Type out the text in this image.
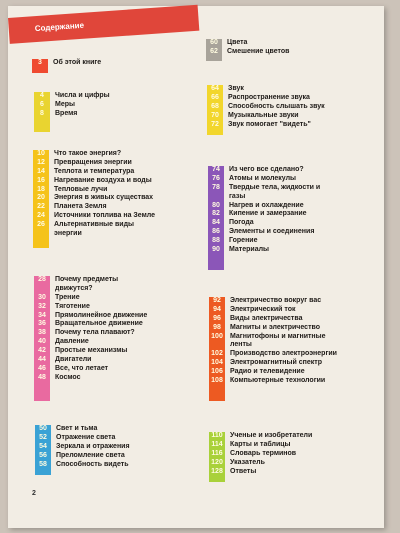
Содержание
3	Об этой книге
4	Числа и цифры
6	Меры
8	Время
10	Что такое энергия?
12	Превращения энергии
14	Теплота и температура
16	Нагревание воздуха и воды
18	Тепловые лучи
20	Энергия в живых существах
22	Планета Земля
24	Источники топлива на Земле
26	Альтернативные виды
энергии
28	Почему предметы
движутся?
30	Трение
32	Тяготение
34	Прямолинейное движение
36	Вращательное движение
38	Почему тела плавают?
40	Давление
42	Простые механизмы
44	Двигатели
46	Все, что летает
48	Космос
50	Свет и тьма
52	Отражение света
54	Зеркала и отражения
56	Преломление света
58	Способность видеть
60	Цвета
62	Смешение цветов
64	Звук
66	Распространение звука
68	Способность слышать звук
70	Музыкальные звуки
72	Звук помогает "видеть"
74	Из чего все сделано?
76	Атомы и молекулы
78	Твердые тела, жидкости и
газы
80	Нагрев и охлаждение
82	Кипение и замерзание
84	Погода
86	Элементы и соединения
88	Горение
90	Материалы
92	Электричество вокруг вас
94	Электрический ток
96	Виды электричества
98	Магниты и электричество
100	Магнитофоны и магнитные
ленты
102	Производство электроэнергии
104	Электромагнитный спектр
106	Радио и телевидение
108	Компьютерные технологии
110	Ученые и изобретатели
114	Карты и таблицы
116	Словарь терминов
120	Указатель
128	Ответы
2
